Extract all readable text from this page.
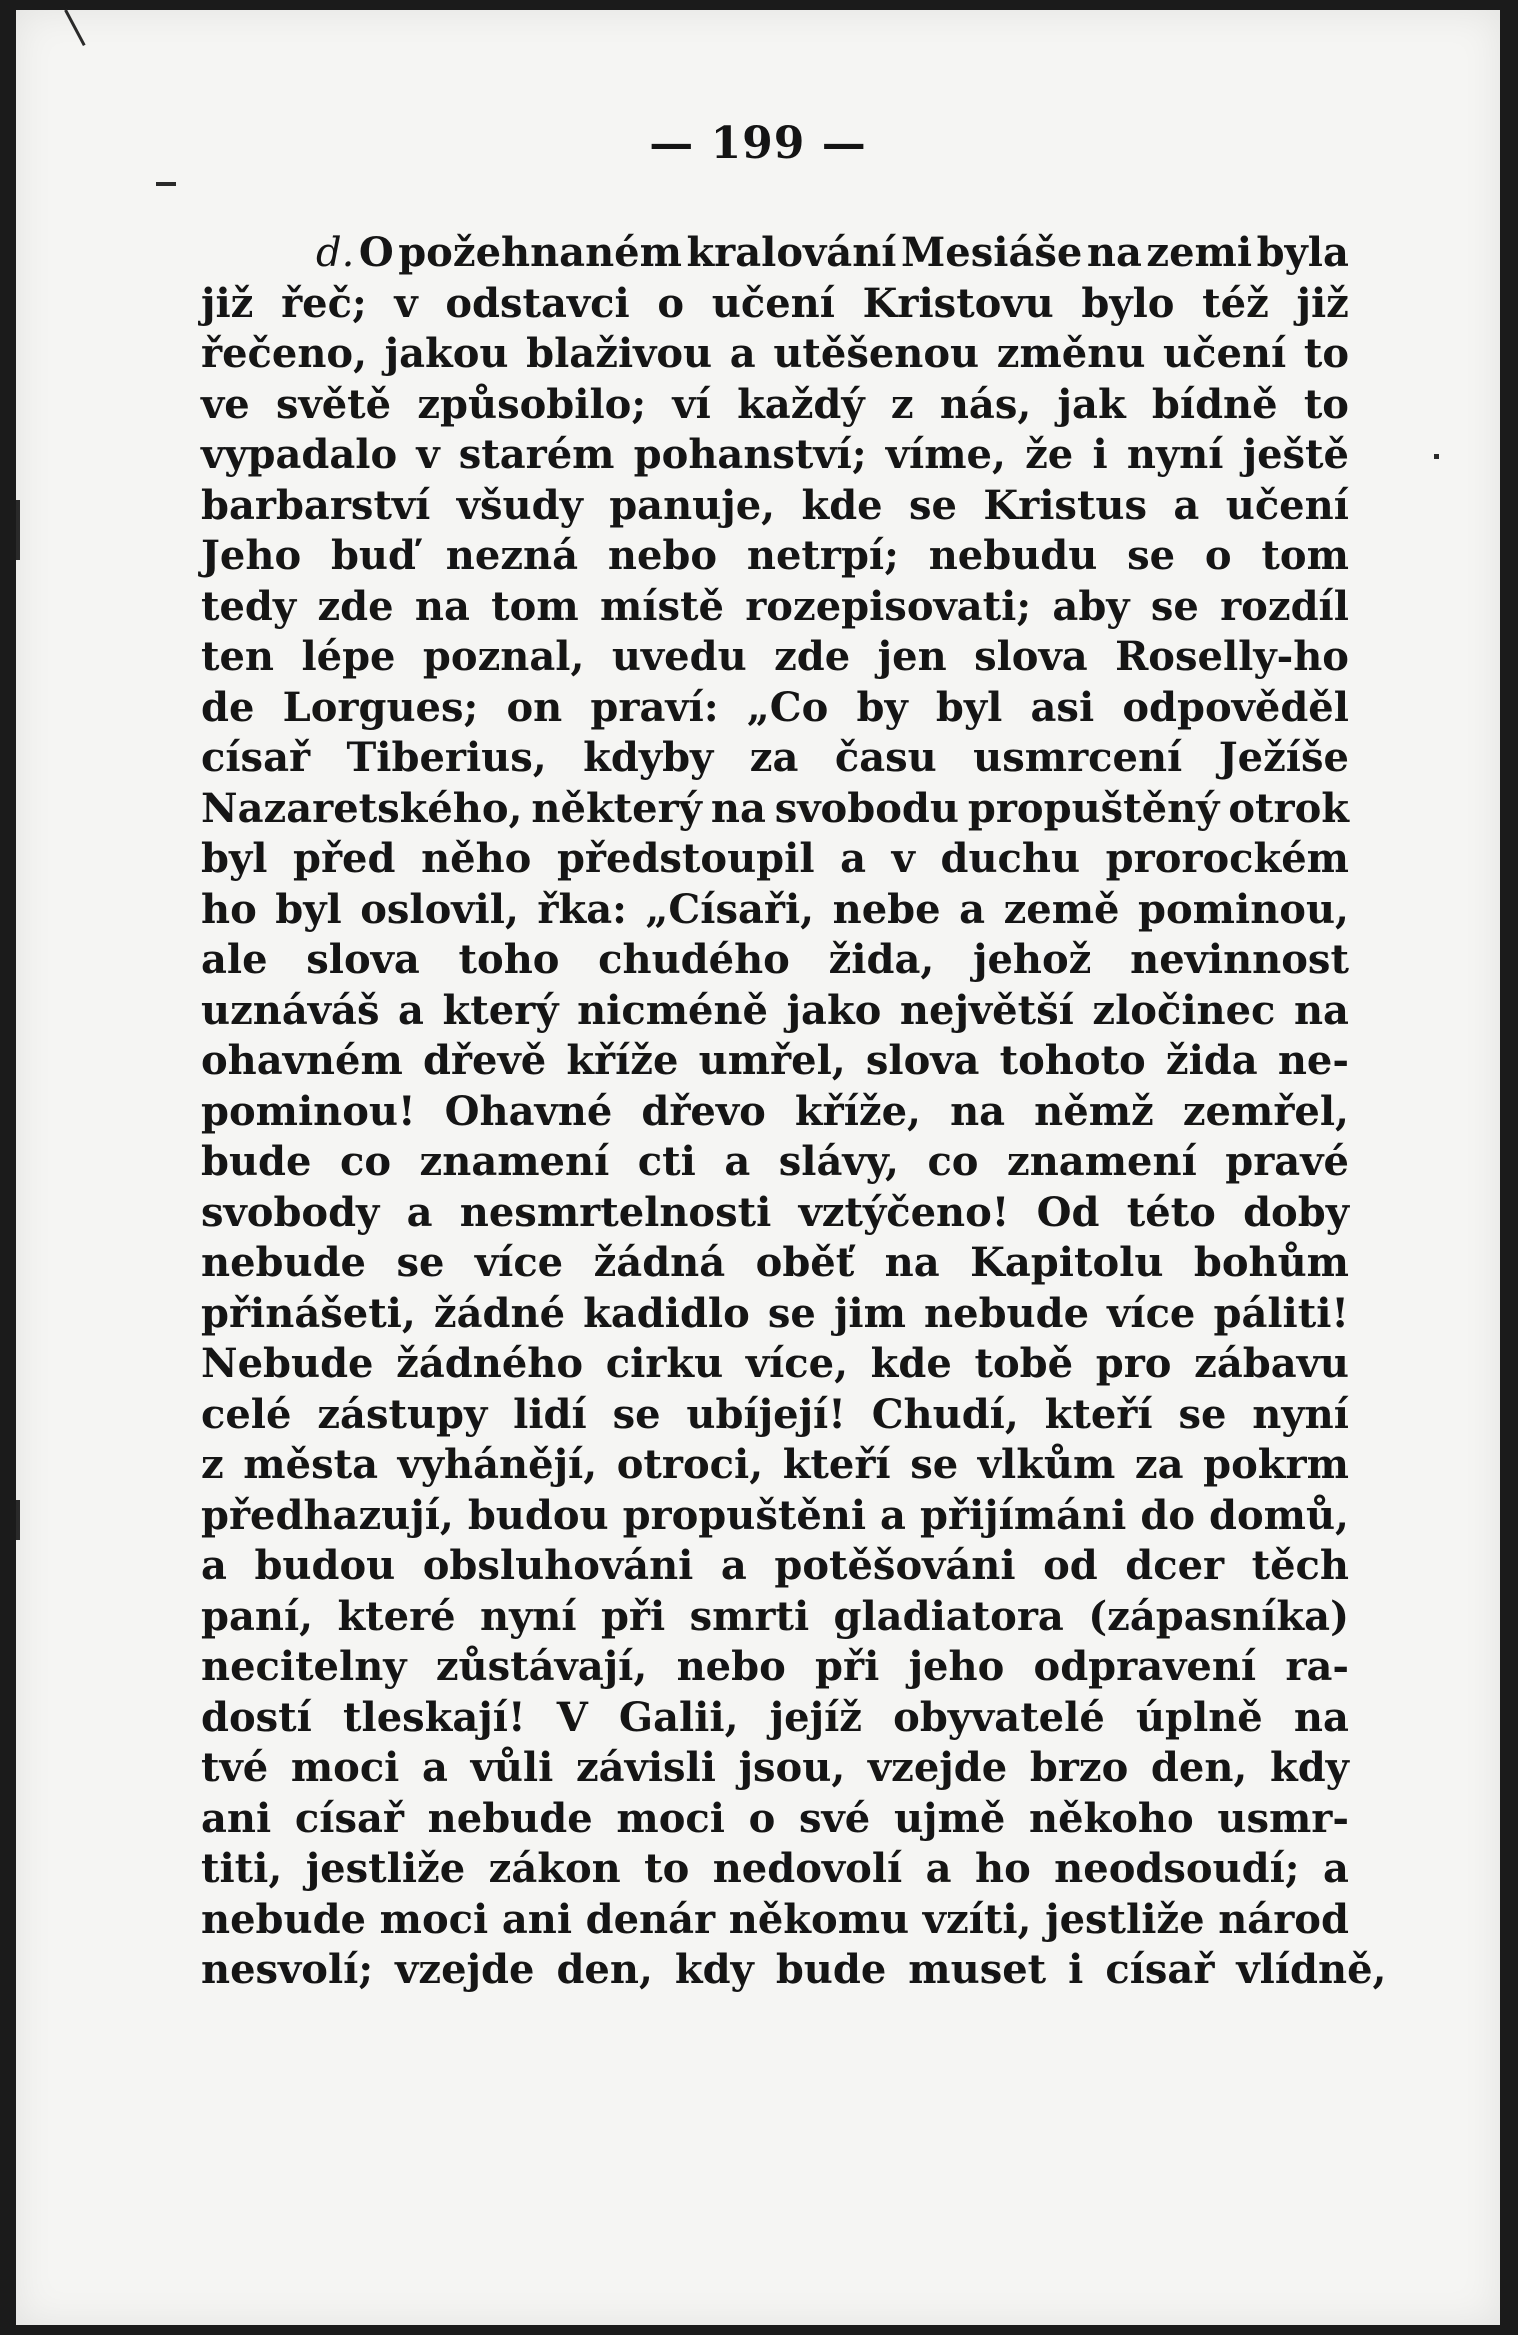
— 199 —
d. O požehnaném kralování Mesiáše na zemi byla
již řeč; v odstavci o učení Kristovu bylo též již
řečeno, jakou blaživou a utěšenou změnu učení to
ve světě způsobilo; ví každý z nás, jak bídně to
vypadalo v starém pohanství; víme, že i nyní ještě
barbarství všudy panuje, kde se Kristus a učení
Jeho buď nezná nebo netrpí; nebudu se o tom
tedy zde na tom místě rozepisovati; aby se rozdíl
ten lépe poznal, uvedu zde jen slova Roselly-ho
de Lorgues; on praví: „Co by byl asi odpověděl
císař Tiberius, kdyby za času usmrcení Ježíše
Nazaretského, některý na svobodu propuštěný otrok
byl před něho předstoupil a v duchu prorockém
ho byl oslovil, řka: „Císaři, nebe a země pominou,
ale slova toho chudého žida, jehož nevinnost
uznáváš a který nicméně jako největší zločinec na
ohavném dřevě kříže umřel, slova tohoto žida ne-
pominou! Ohavné dřevo kříže, na němž zemřel,
bude co znamení cti a slávy, co znamení pravé
svobody a nesmrtelnosti vztýčeno! Od této doby
nebude se více žádná oběť na Kapitolu bohům
přinášeti, žádné kadidlo se jim nebude více páliti!
Nebude žádného cirku více, kde tobě pro zábavu
celé zástupy lidí se ubíjejí! Chudí, kteří se nyní
z města vyhánějí, otroci, kteří se vlkům za pokrm
předhazují, budou propuštěni a přijímáni do domů,
a budou obsluhováni a potěšováni od dcer těch
paní, které nyní při smrti gladiatora (zápasníka)
necitelny zůstávají, nebo při jeho odpravení ra-
dostí tleskají! V Galii, jejíž obyvatelé úplně na
tvé moci a vůli závisli jsou, vzejde brzo den, kdy
ani císař nebude moci o své ujmě někoho usmr-
titi, jestliže zákon to nedovolí a ho neodsoudí; a
nebude moci ani denár někomu vzíti, jestliže národ
nesvolí; vzejde den, kdy bude muset i císař vlídně,
